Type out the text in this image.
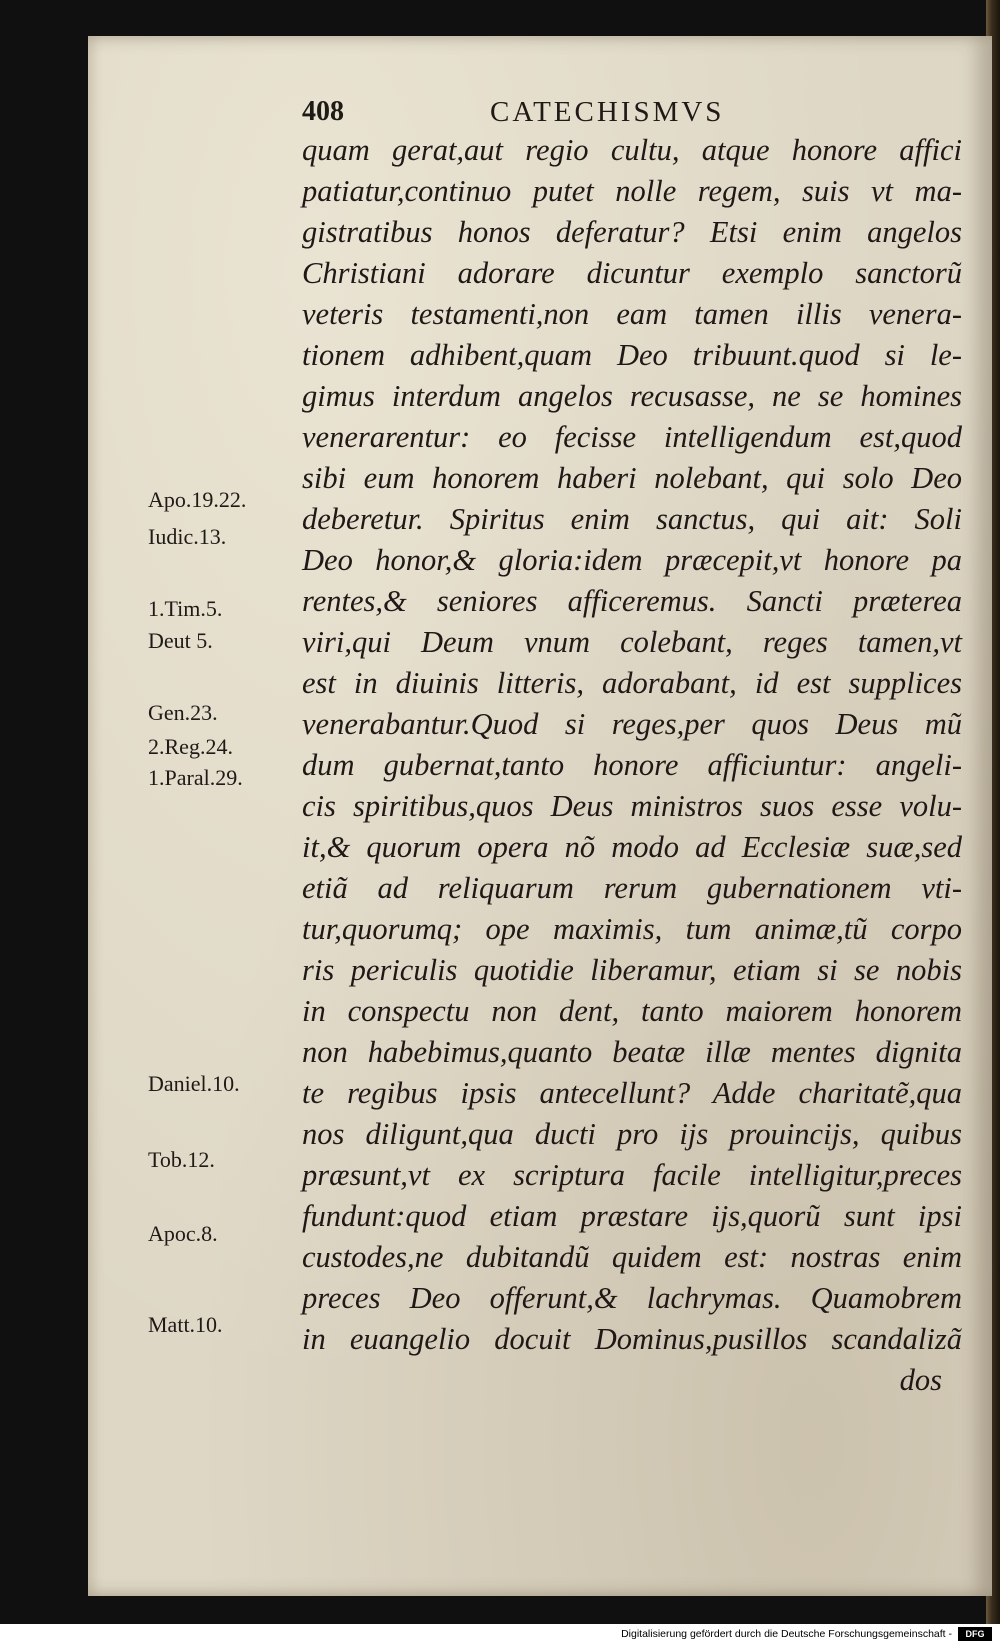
408	CATECHISMVS
quam gerat,aut regio cultu, atque honore affici
patiatur,continuo putet nolle regem, suis vt ma-
gistratibus honos deferatur? Etsi enim angelos
Christiani adorare dicuntur exemplo sanctorũ
veteris testamenti,non eam tamen illis venera-
tionem adhibent,quam Deo tribuunt.quod si le-
gimus interdum angelos recusasse, ne se homines
venerarentur: eo fecisse intelligendum est,quod
sibi eum honorem haberi nolebant, qui solo Deo
deberetur. Spiritus enim sanctus, qui ait: Soli
Deo honor,& gloria:idem præcepit,vt honore pa
rentes,& seniores afficeremus. Sancti præterea
viri,qui Deum vnum colebant, reges tamen,vt
est in diuinis litteris, adorabant, id est supplices
venerabantur.Quod si reges,per quos Deus mũ
dum gubernat,tanto honore afficiuntur: angeli-
cis spiritibus,quos Deus ministros suos esse volu-
it,& quorum opera nõ modo ad Ecclesiæ suæ,sed
etiã ad reliquarum rerum gubernationem vti-
tur,quorumq; ope maximis, tum animæ,tũ corpo
ris periculis quotidie liberamur, etiam si se nobis
in conspectu non dent, tanto maiorem honorem
non habebimus,quanto beatæ illæ mentes dignita
te regibus ipsis antecellunt? Adde charitatẽ,qua
nos diligunt,qua ducti pro ijs prouincijs, quibus
præsunt,vt ex scriptura facile intelligitur,preces
fundunt:quod etiam præstare ijs,quorũ sunt ipsi
custodes,ne dubitandũ quidem est: nostras enim
preces Deo offerunt,& lachrymas. Quamobrem
in euangelio docuit Dominus,pusillos scandalizã
dos
Apo.19.22.
Iudic.13.
1.Tim.5.
Deut 5.
Gen.23.
2.Reg.24.
1.Paral.29.
Daniel.10.
Tob.12.
Apoc.8.
Matt.10.
Digitalisierung gefördert durch die Deutsche Forschungsgemeinschaft -	DFG
